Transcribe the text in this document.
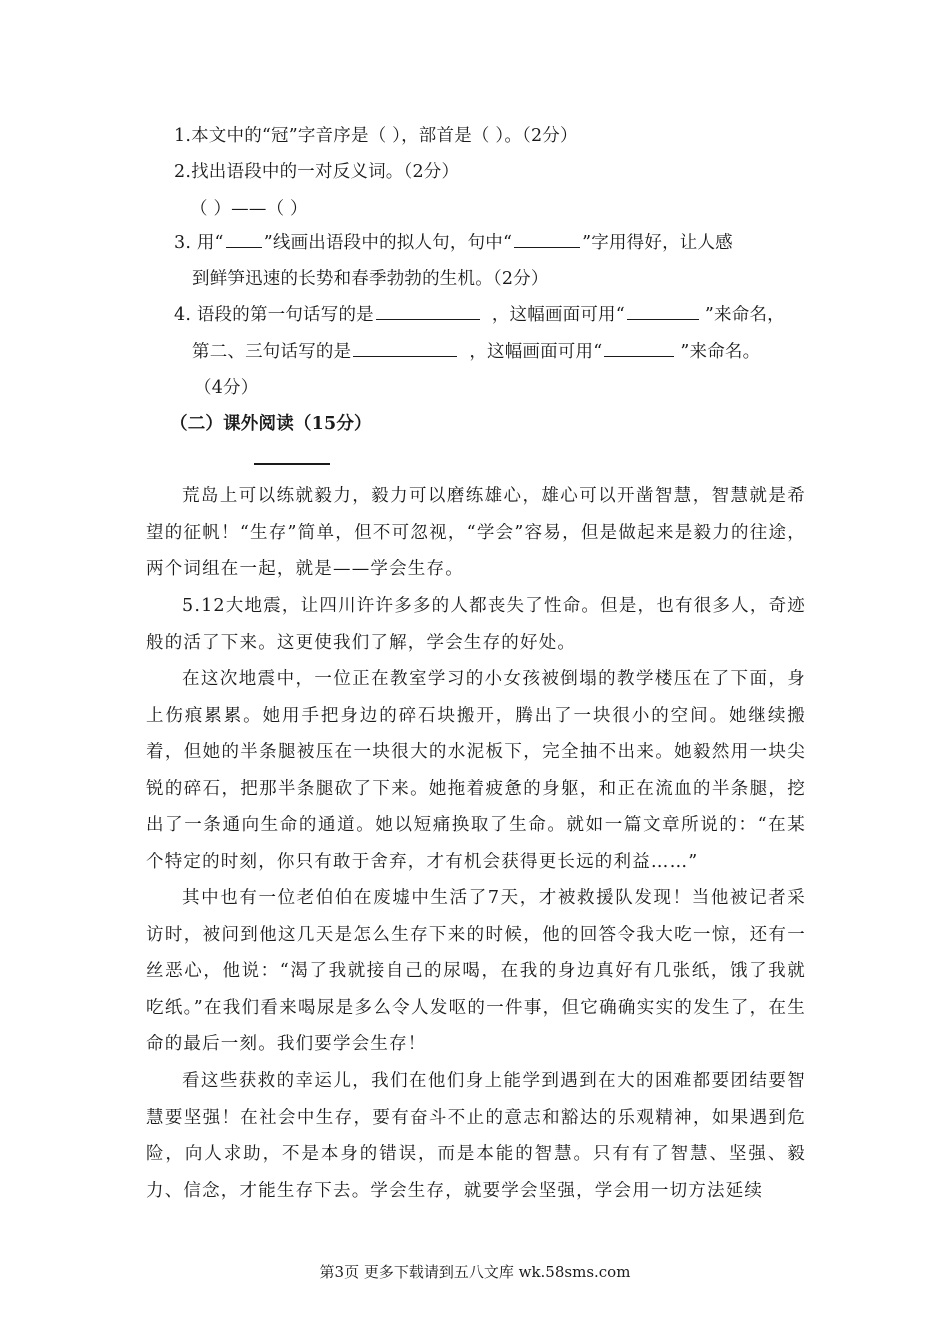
1.本文中的“冠”字音序是（ ），部首是（ ）。（2分）
2.找出语段中的一对反义词。（2分）
（ ）——（ ）
3. 用“ ”线画出语段中的拟人句，句中“	”字用得好，让人感
到鲜笋迅速的长势和春季勃勃的生机。（2分）
4. 语段的第一句话写的是	，这幅画面可用“	”来命名，
第二、三句话写的是	，这幅画面可用“	”来命名。
（4分）
（二）课外阅读（15分）
荒岛上可以练就毅力，毅力可以磨练雄心，雄心可以开凿智慧，智慧就是希望的征帆！“生存”简单，但不可忽视，“学会”容易，但是做起来是毅力的往途，两个词组在一起，就是——学会生存。
5.12大地震，让四川许许多多的人都丧失了性命。但是，也有很多人，奇迹般的活了下来。这更使我们了解，学会生存的好处。
在这次地震中，一位正在教室学习的小女孩被倒塌的教学楼压在了下面，身上伤痕累累。她用手把身边的碎石块搬开，腾出了一块很小的空间。她继续搬着，但她的半条腿被压在一块很大的水泥板下，完全抽不出来。她毅然用一块尖锐的碎石，把那半条腿砍了下来。她拖着疲惫的身躯，和正在流血的半条腿，挖出了一条通向生命的通道。她以短痛换取了生命。就如一篇文章所说的：“在某个特定的时刻，你只有敢于舍弃，才有机会获得更长远的利益……”
其中也有一位老伯伯在废墟中生活了7天，才被救援队发现！当他被记者采访时，被问到他这几天是怎么生存下来的时候，他的回答令我大吃一惊，还有一丝恶心，他说：“渴了我就接自己的尿喝，在我的身边真好有几张纸，饿了我就吃纸。”在我们看来喝尿是多么令人发呕的一件事，但它确确实实的发生了，在生命的最后一刻。我们要学会生存！
看这些获救的幸运儿，我们在他们身上能学到遇到在大的困难都要团结要智慧要坚强！在社会中生存，要有奋斗不止的意志和豁达的乐观精神，如果遇到危险，向人求助，不是本身的错误，而是本能的智慧。只有有了智慧、坚强、毅力、信念，才能生存下去。学会生存，就要学会坚强，学会用一切方法延续
第3页 更多下载请到五八文库 wk.58sms.com
